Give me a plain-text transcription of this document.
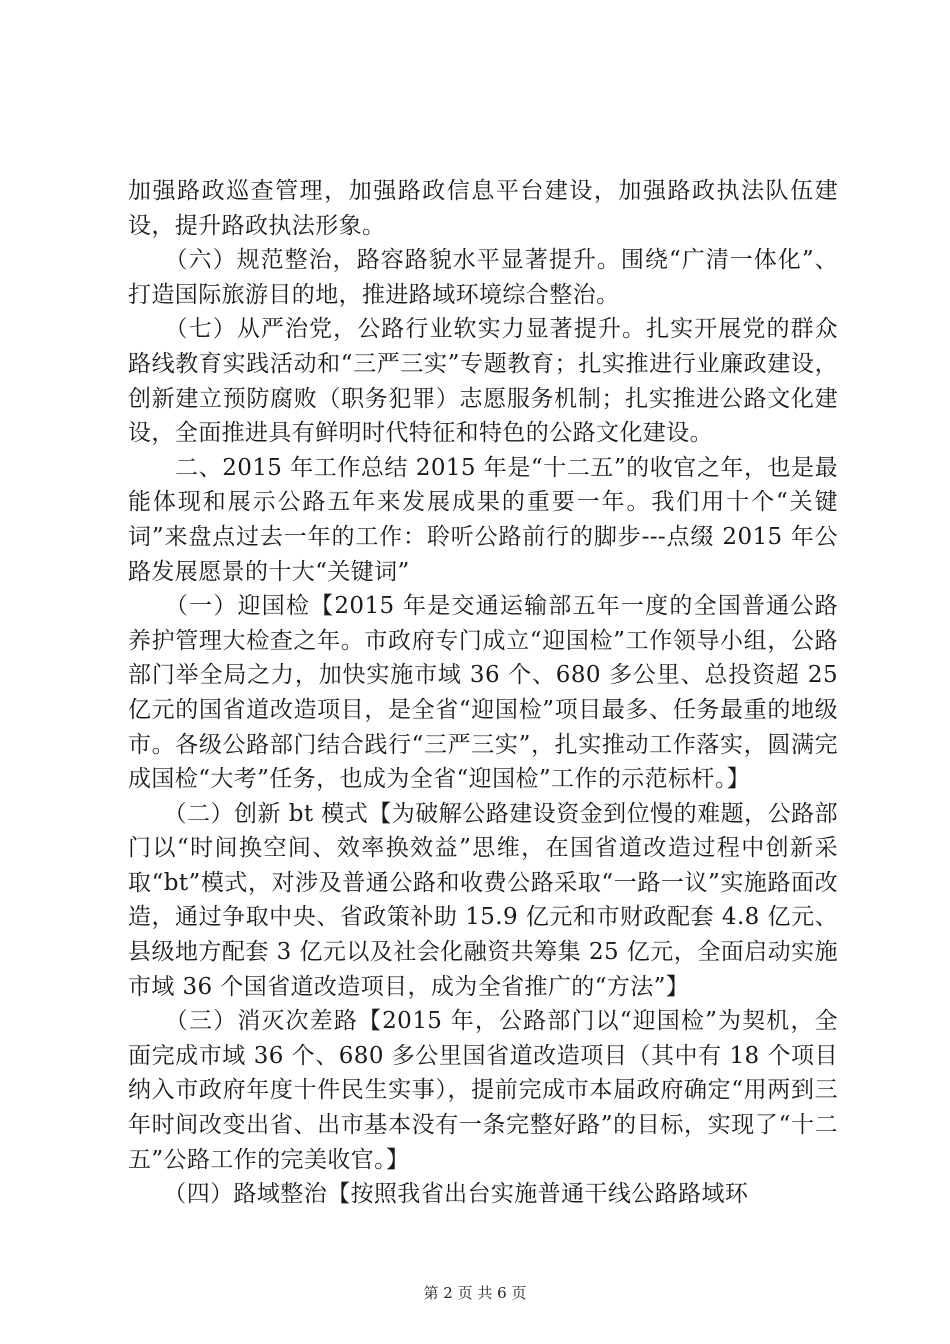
加强路政巡查管理，加强路政信息平台建设，加强路政执法队伍建设，提升路政执法形象。

　　（六）规范整治，路容路貌水平显著提升。围绕“广清一体化”、打造国际旅游目的地，推进路域环境综合整治。

　　（七）从严治党，公路行业软实力显著提升。扎实开展党的群众路线教育实践活动和“三严三实”专题教育；扎实推进行业廉政建设，创新建立预防腐败（职务犯罪）志愿服务机制；扎实推进公路文化建设，全面推进具有鲜明时代特征和特色的公路文化建设。

　　二、2015 年工作总结 2015 年是“十二五”的收官之年，也是最能体现和展示公路五年来发展成果的重要一年。我们用十个“关键词”来盘点过去一年的工作：聆听公路前行的脚步---点缀 2015 年公路发展愿景的十大“关键词”

　　（一）迎国检【2015 年是交通运输部五年一度的全国普通公路养护管理大检查之年。市政府专门成立“迎国检”工作领导小组，公路部门举全局之力，加快实施市域 36 个、680 多公里、总投资超 25 亿元的国省道改造项目，是全省“迎国检”项目最多、任务最重的地级市。各级公路部门结合践行“三严三实”，扎实推动工作落实，圆满完成国检“大考”任务，也成为全省“迎国检”工作的示范标杆。】

　　（二）创新 bt 模式【为破解公路建设资金到位慢的难题，公路部门以“时间换空间、效率换效益”思维，在国省道改造过程中创新采取“bt”模式，对涉及普通公路和收费公路采取“一路一议”实施路面改造，通过争取中央、省政策补助 15.9 亿元和市财政配套 4.8 亿元、县级地方配套 3 亿元以及社会化融资共筹集 25 亿元，全面启动实施市域 36 个国省道改造项目，成为全省推广的“方法”】

　　（三）消灭次差路【2015 年，公路部门以“迎国检”为契机，全面完成市域 36 个、680 多公里国省道改造项目（其中有 18 个项目纳入市政府年度十件民生实事），提前完成市本届政府确定“用两到三年时间改变出省、出市基本没有一条完整好路”的目标，实现了“十二五”公路工作的完美收官。】

　　（四）路域整治【按照我省出台实施普通干线公路路域环

第 2 页 共 6 页
